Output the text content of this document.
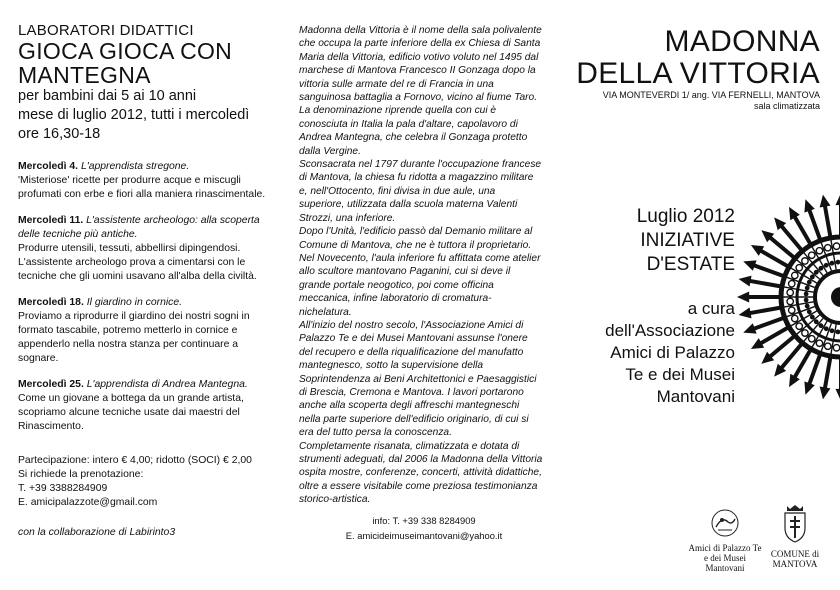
LABORATORI DIDATTICI

GIOCA GIOCA CON

MANTEGNA

per bambini dai 5 ai 10 anni

mese di luglio 2012, tutti i mercoledì

ore 16,30-18

Mercoledì 4. L'apprendista stregone.

'Misteriose' ricette per produrre acque e miscugli

profumati con erbe e fiori alla maniera rinascimentale.

Mercoledì 11. L'assistente archeologo: alla scoperta

delle tecniche più antiche.

Produrre utensili, tessuti, abbellirsi dipingendosi.

L'assistente archeologo prova a cimentarsi con le

tecniche che gli uomini usavano all'alba della civiltà.

Mercoledì 18. Il giardino in cornice.

Proviamo a riprodurre il giardino dei nostri sogni in

formato tascabile, potremo metterlo in cornice e

appenderlo nella nostra stanza per continuare a

sognare.

Mercoledì 25. L'apprendista di Andrea Mantegna.

Come un giovane a bottega da un grande artista,

scopriamo alcune tecniche usate dai maestri del

Rinascimento.

Partecipazione: intero € 4,00; ridotto (SOCI) € 2,00

Si richiede la prenotazione:

T. +39 3388284909

E. amicipalazzote@gmail.com

con la collaborazione di Labirinto3

Madonna della Vittoria è il nome della sala polivalente

che occupa la parte inferiore della ex Chiesa di Santa

Maria della Vittoria, edificio votivo voluto nel 1495 dal

marchese di Mantova Francesco II Gonzaga dopo la

vittoria sulle armate del re di Francia in una

sanguinosa battaglia a Fornovo, vicino al fiume Taro.

La denominazione riprende quella con cui è

conosciuta in Italia la pala d'altare, capolavoro di

Andrea Mantegna, che celebra il Gonzaga protetto

dalla Vergine.

Sconsacrata nel 1797 durante l'occupazione francese

di Mantova, la chiesa fu ridotta a magazzino militare

e, nell'Ottocento, fini divisa in due aule, una

superiore, utilizzata dalla scuola materna Valenti

Strozzi, una inferiore.

Dopo l'Unità, l'edificio passò dal Demanio militare al

Comune di Mantova, che ne è tuttora il proprietario.

Nel Novecento, l'aula inferiore fu affittata come atelier

allo scultore mantovano Paganini, cui si deve il

grande portale neogotico, poi come officina

meccanica, infine laboratorio di cromatura-

nichelatura.

All'inizio del nostro secolo, l'Associazione Amici di

Palazzo Te e dei Musei Mantovani assunse l'onere

del recupero e della riqualificazione del manufatto

mantegnesco, sotto la supervisione della

Soprintendenza ai Beni Architettonici e Paesaggistici

di Brescia, Cremona e Mantova. I lavori portarono

anche alla scoperta degli affreschi mantegneschi

nella parte superiore dell'edificio originario, di cui si

era del tutto persa la conoscenza.

Completamente risanata, climatizzata e dotata di

strumenti adeguati, dal 2006 la Madonna della Vittoria

ospita mostre, conferenze, concerti, attività didattiche,

oltre a essere visitabile come preziosa testimonianza

storico-artistica.

info: T. +39 338 8284909

E. amicideimuseimantovani@yahoo.it

MADONNA
DELLA VITTORIA
VIA MONTEVERDI 1/ ang. VIA FERNELLI, MANTOVA
sala climatizzata
Luglio 2012
INIZIATIVE
D'ESTATE
a cura
dell'Associazione
Amici di Palazzo
Te e dei Musei
Mantovani
Amici di Palazzo Te
e dei Musei Mantovani
COMUNE di
MANTOVA
